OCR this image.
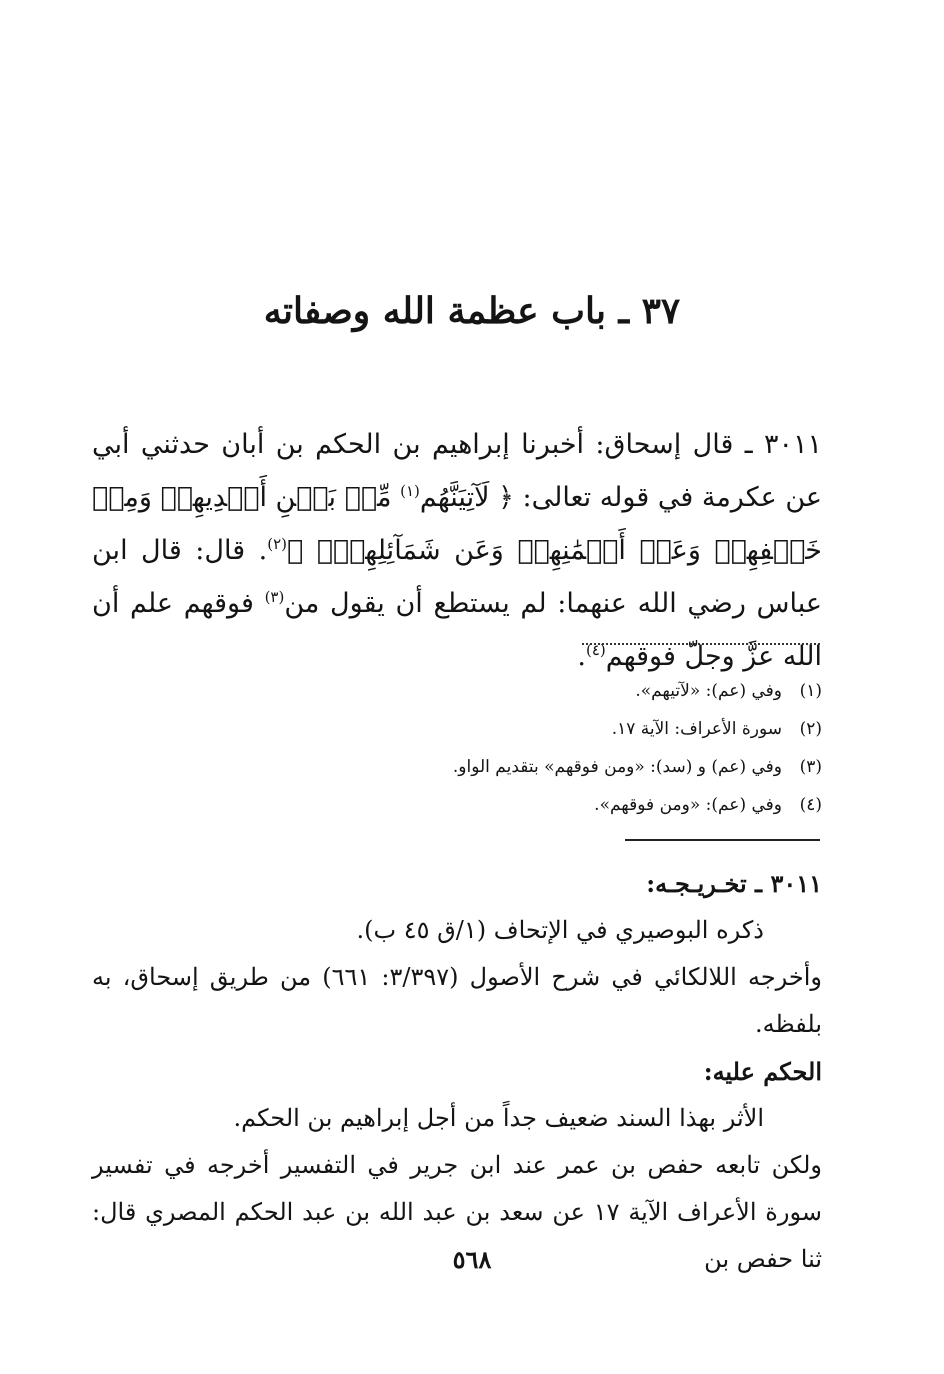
٣٧ ـ باب عظمة الله وصفاته

٣٠١١ ـ قال إسحاق: أخبرنا إبراهيم بن الحكم بن أبان حدثني أبي عن عكرمة في قوله تعالى: ﴿ لَآتِيَنَّهُم$^{(١)}$ مِّنۢ بَيۡنِ أَيۡدِيهِمۡ وَمِنۡ خَلۡفِهِمۡ وَعَنۡ أَيۡمَٰنِهِمۡ وَعَن شَمَآئِلِهِمۡۖ ﴾$^{(٢)}$. قال: قال ابن عباس رضي الله عنهما: لم يستطع أن يقول من$^{(٣)}$ فوقهم علم أن الله عزَّ وجلّ فوقهم$^{(٤)}$.

(١)وفي (عم): «لآتيهم».
(٢)سورة الأعراف: الآية ١٧.
(٣)وفي (عم) و (سد): «ومن فوقهم» بتقديم الواو.
(٤)وفي (عم): «ومن فوقهم».

٣٠١١ ـ تخـريـجـه:

ذكره البوصيري في الإتحاف (١/ق ٤٥ ب).

وأخرجه اللالكائي في شرح الأصول (٣/٣٩٧: ٦٦١) من طريق إسحاق، به بلفظه.

الحكم عليه:

الأثر بهذا السند ضعيف جداً من أجل إبراهيم بن الحكم.

ولكن تابعه حفص بن عمر عند ابن جرير في التفسير أخرجه في تفسير سورة الأعراف الآية ١٧ عن سعد بن عبد الله بن عبد الحكم المصري قال: ثنا حفص بن

٥٦٨
